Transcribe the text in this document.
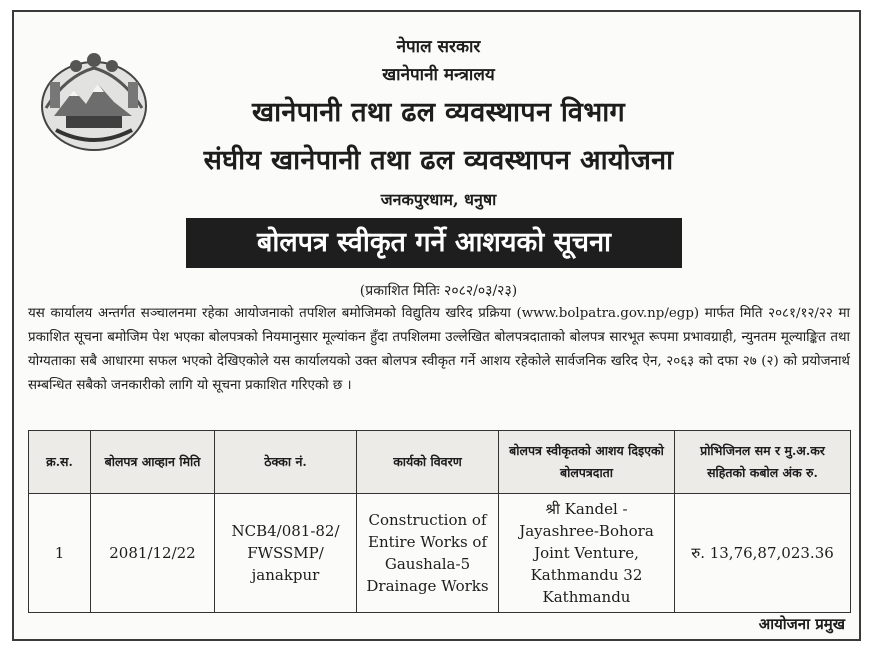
नेपाल सरकार
खानेपानी मन्त्रालय
खानेपानी तथा ढल व्यवस्थापन विभाग
संघीय खानेपानी तथा ढल व्यवस्थापन आयोजना
जनकपुरधाम, धनुषा
बोलपत्र स्वीकृत गर्ने आशयको सूचना
(प्रकाशित मितिः २०८२/०३/२३)
यस कार्यालय अन्तर्गत सञ्चालनमा रहेका आयोजनाको तपशिल बमोजिमको विद्युतिय खरिद प्रक्रिया (www.bolpatra.gov.np/egp) मार्फत मिति २०८१/१२/२२ मा प्रकाशित सूचना बमोजिम पेश भएका बोलपत्रको नियमानुसार मूल्यांकन हुँदा तपशिलमा उल्लेखित बोलपत्रदाताको बोलपत्र सारभूत रूपमा प्रभावग्राही, न्युनतम मूल्याङ्कित तथा योग्यताका सबै आधारमा सफल भएको देखिएकोले यस कार्यालयको उक्त बोलपत्र स्वीकृत गर्ने आशय रहेकोले सार्वजनिक खरिद ऐन, २०६३ को दफा २७ (२) को प्रयोजनार्थ सम्बन्धित सबैको जनकारीको लागि यो सूचना प्रकाशित गरिएको छ ।
क्र.स.	बोलपत्र आव्हान मिति	ठेक्का नं.	कार्यको विवरण	बोलपत्र स्वीकृतको आशय दिइएको बोलपत्रदाता	प्रोभिजिनल सम र मु.अ.कर सहितको कबोल अंक रु.
1	2081/12/22	NCB4/081-82/ FWSSMP/ janakpur	Construction of Entire Works of Gaushala-5 Drainage Works	श्री Kandel - Jayashree-Bohora Joint Venture, Kathmandu 32 Kathmandu	रु. 13,76,87,023.36
आयोजना प्रमुख
